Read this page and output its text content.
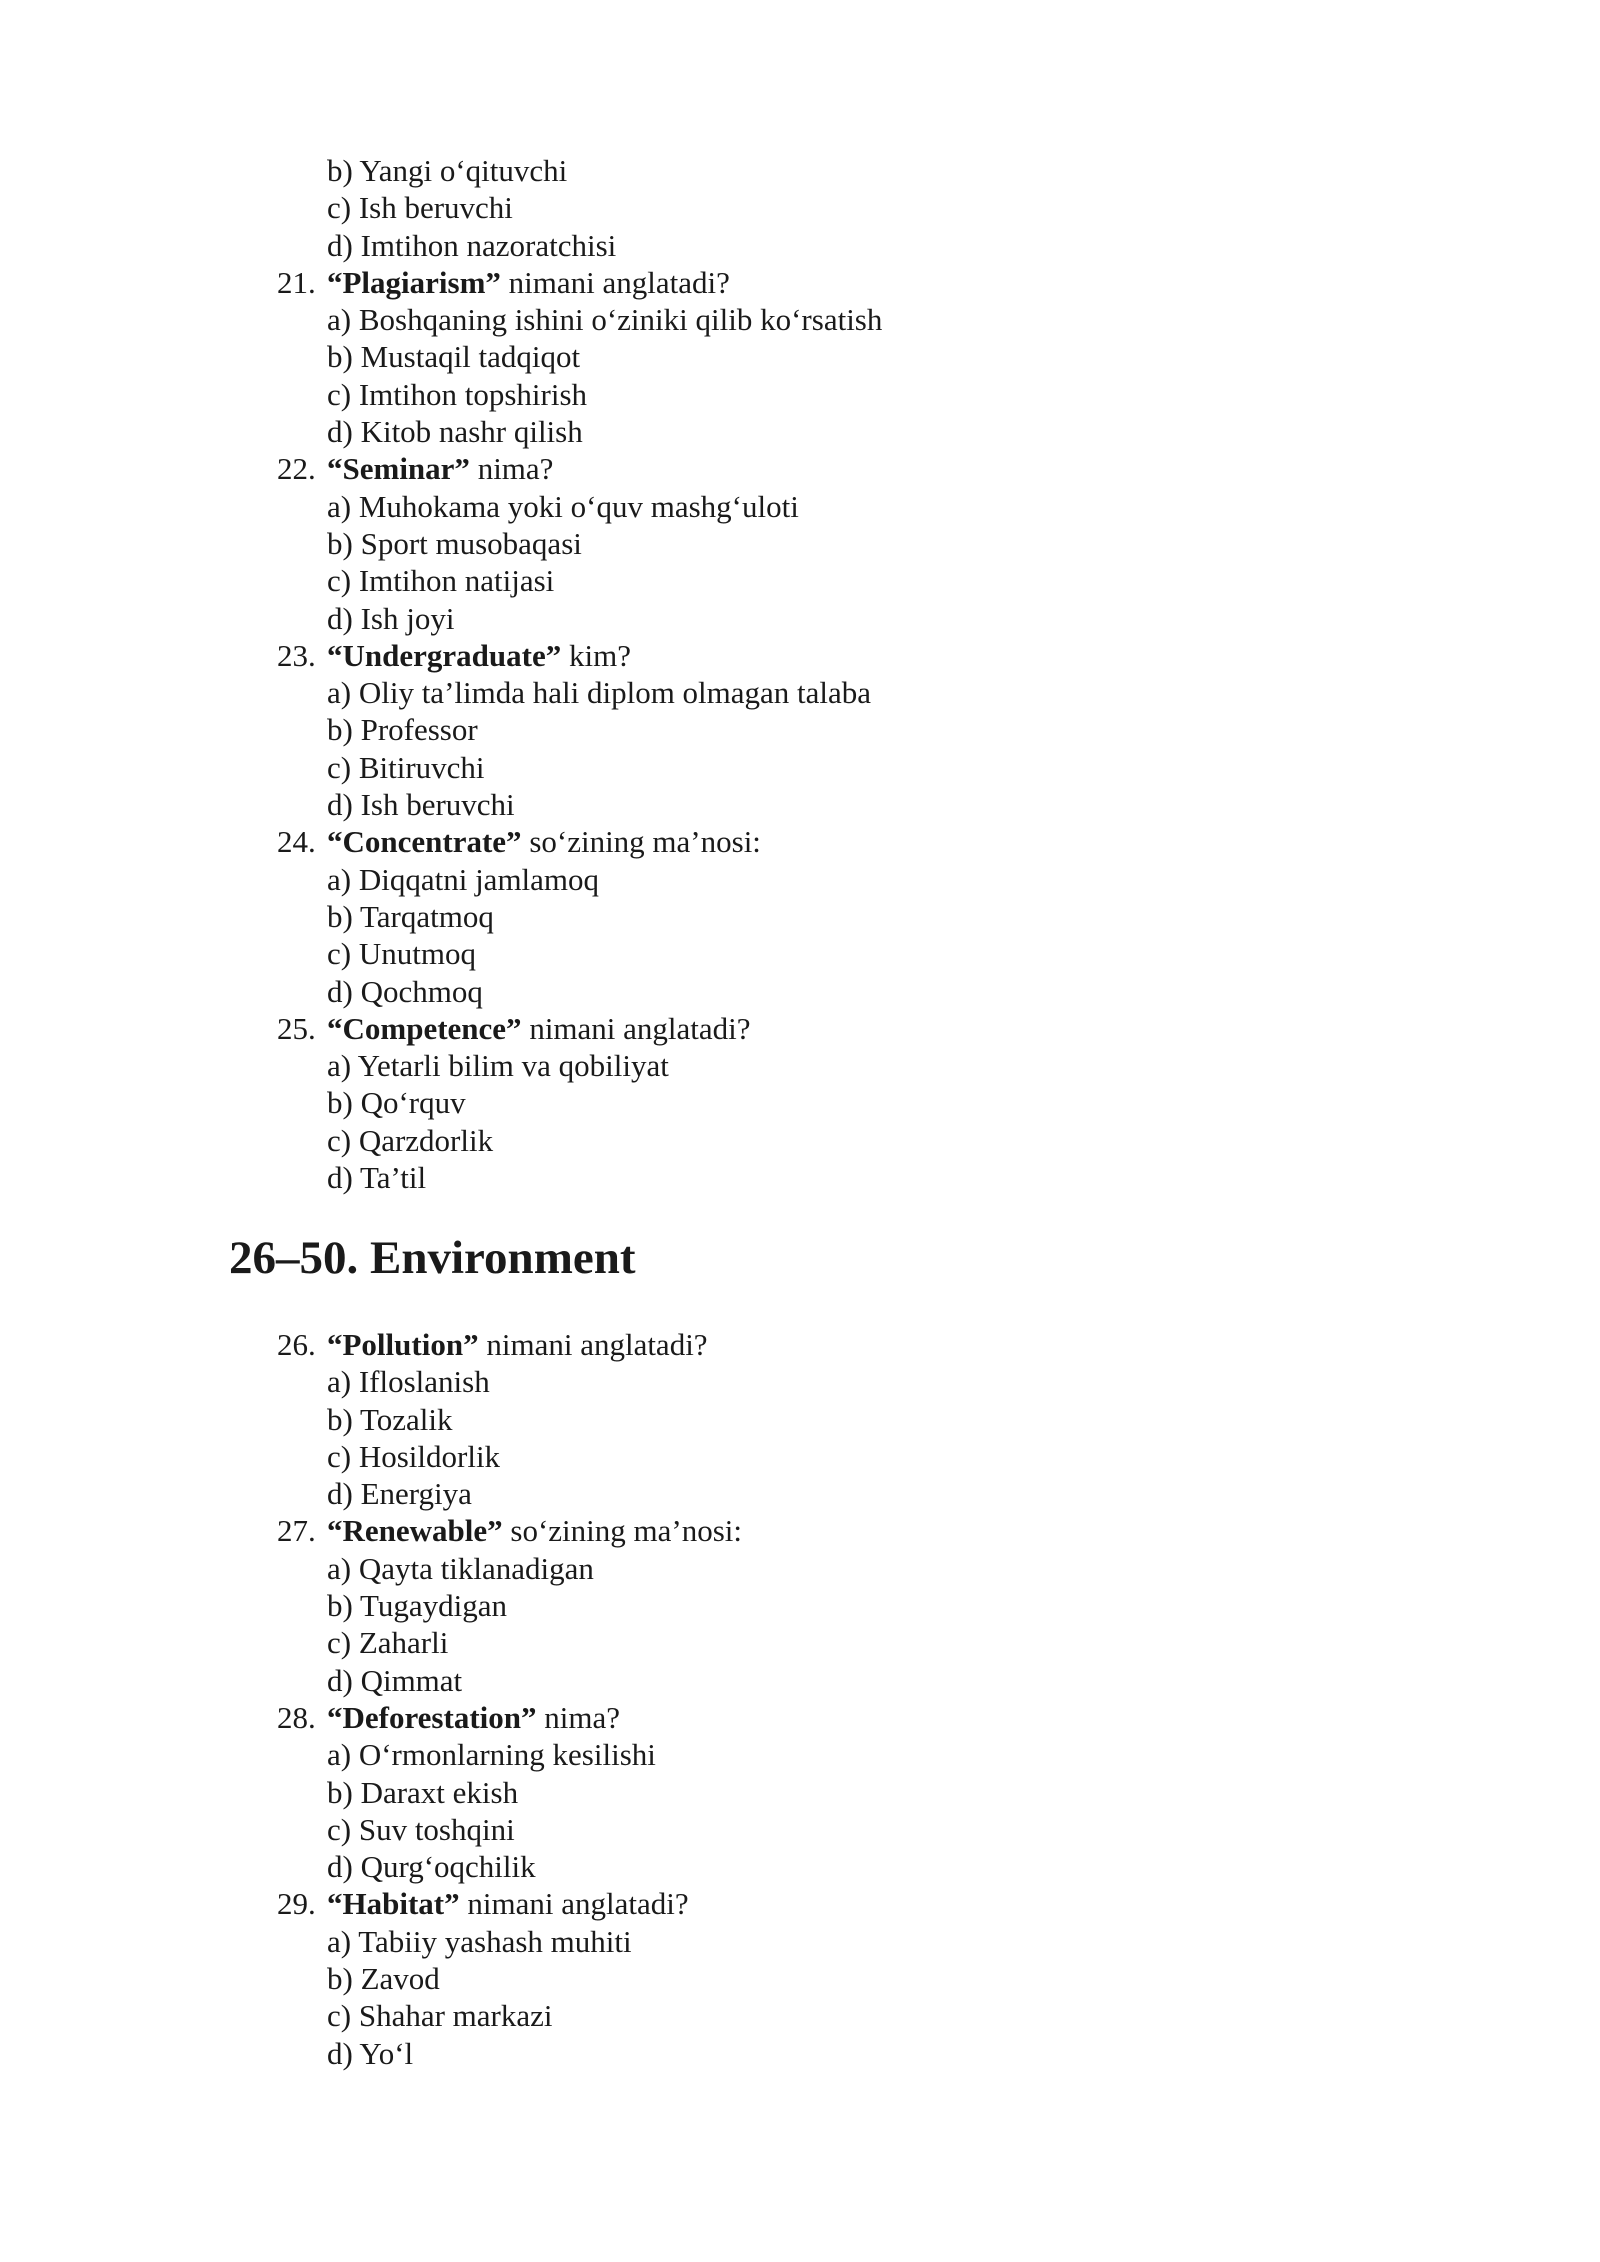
b) Yangi o‘qituvchi
c) Ish beruvchi
d) Imtihon nazoratchisi
21. “Plagiarism” nimani anglatadi?
a) Boshqaning ishini o‘ziniki qilib ko‘rsatish
b) Mustaqil tadqiqot
c) Imtihon topshirish
d) Kitob nashr qilish
22. “Seminar” nima?
a) Muhokama yoki o‘quv mashg‘uloti
b) Sport musobaqasi
c) Imtihon natijasi
d) Ish joyi
23. “Undergraduate” kim?
a) Oliy ta’limda hali diplom olmagan talaba
b) Professor
c) Bitiruvchi
d) Ish beruvchi
24. “Concentrate” so‘zining ma’nosi:
a) Diqqatni jamlamoq
b) Tarqatmoq
c) Unutmoq
d) Qochmoq
25. “Competence” nimani anglatadi?
a) Yetarli bilim va qobiliyat
b) Qo‘rquv
c) Qarzdorlik
d) Ta’til
26–50. Environment
26. “Pollution” nimani anglatadi?
a) Ifloslanish
b) Tozalik
c) Hosildorlik
d) Energiya
27. “Renewable” so‘zining ma’nosi:
a) Qayta tiklanadigan
b) Tugaydigan
c) Zaharli
d) Qimmat
28. “Deforestation” nima?
a) O‘rmonlarning kesilishi
b) Daraxt ekish
c) Suv toshqini
d) Qurg‘oqchilik
29. “Habitat” nimani anglatadi?
a) Tabiiy yashash muhiti
b) Zavod
c) Shahar markazi
d) Yo‘l
